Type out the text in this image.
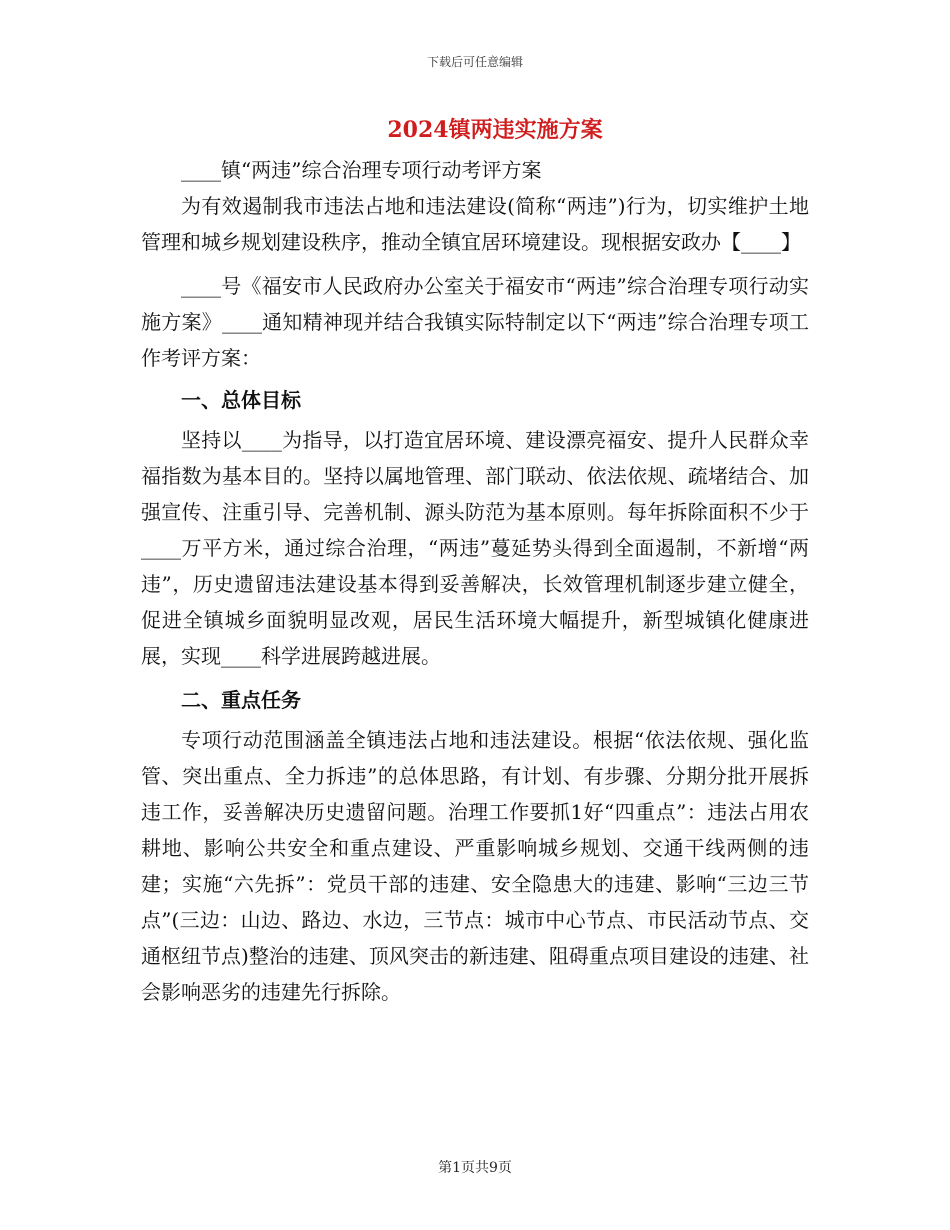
下载后可任意编辑
2024镇两违实施方案

____镇“两违”综合治理专项行动考评方案

为有效遏制我市违法占地和违法建设(简称“两违”)行为，切实维护土地管理和城乡规划建设秩序，推动全镇宜居环境建设。现根据安政办【____】

____号《福安市人民政府办公室关于福安市“两违”综合治理专项行动实施方案》____通知精神现并结合我镇实际特制定以下“两违”综合治理专项工作考评方案：

一、总体目标

坚持以____为指导，以打造宜居环境、建设漂亮福安、提升人民群众幸福指数为基本目的。坚持以属地管理、部门联动、依法依规、疏堵结合、加强宣传、注重引导、完善机制、源头防范为基本原则。每年拆除面积不少于____万平方米，通过综合治理，“两违”蔓延势头得到全面遏制，不新增“两违”，历史遗留违法建设基本得到妥善解决，长效管理机制逐步建立健全，促进全镇城乡面貌明显改观，居民生活环境大幅提升，新型城镇化健康进展，实现____科学进展跨越进展。

二、重点任务

专项行动范围涵盖全镇违法占地和违法建设。根据“依法依规、强化监管、突出重点、全力拆违”的总体思路，有计划、有步骤、分期分批开展拆违工作，妥善解决历史遗留问题。治理工作要抓1好“四重点”：违法占用农耕地、影响公共安全和重点建设、严重影响城乡规划、交通干线两侧的违建；实施“六先拆”：党员干部的违建、安全隐患大的违建、影响“三边三节点”(三边：山边、路边、水边，三节点：城市中心节点、市民活动节点、交通枢纽节点)整治的违建、顶风突击的新违建、阻碍重点项目建设的违建、社会影响恶劣的违建先行拆除。

第1页共9页
